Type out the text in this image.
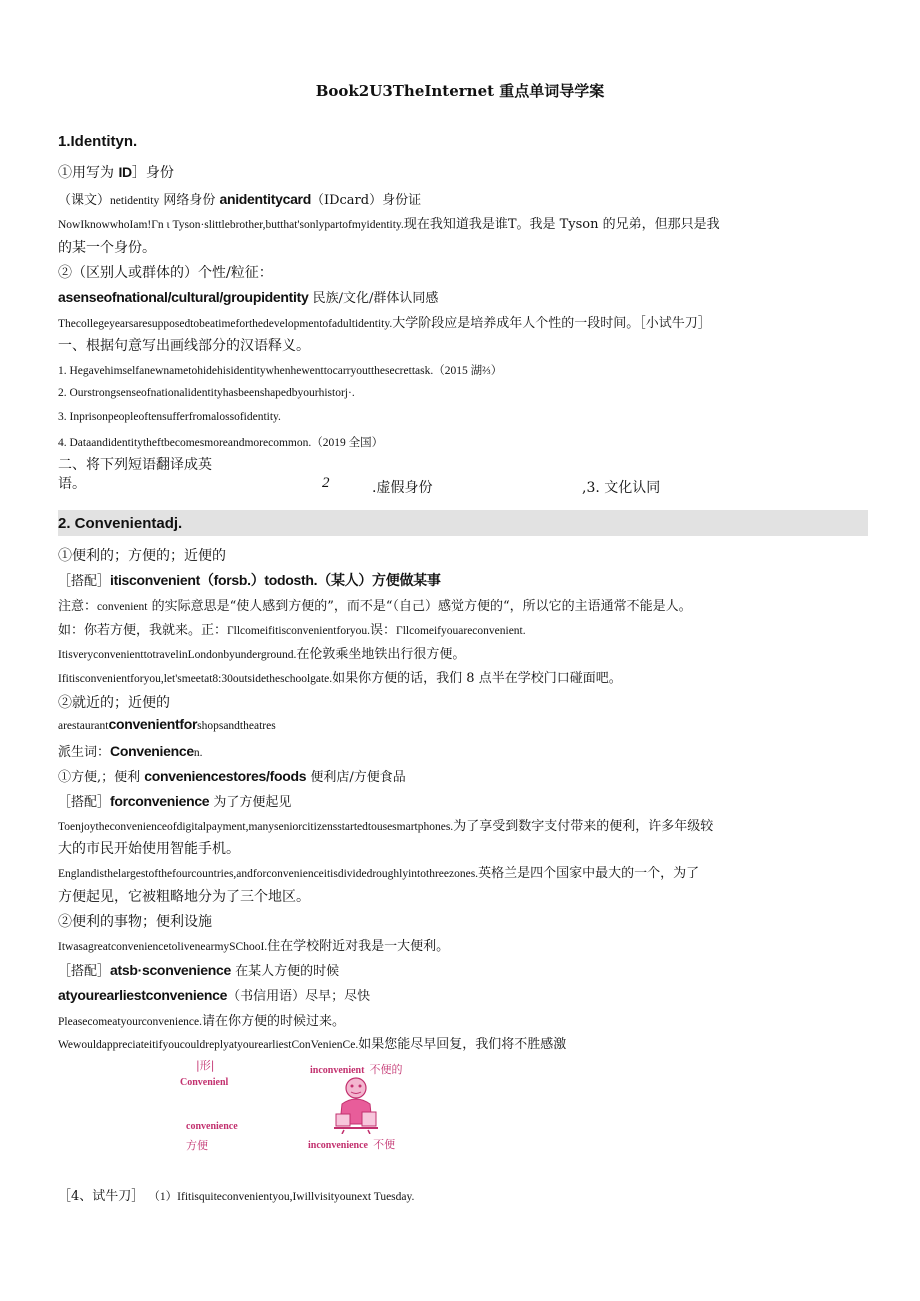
Book2U3TheInternet 重点单词导学案
1.Identityn.
①用写为 ID］身份
（课文）netidentity 网络身份 anidentitycard（IDcard）身份证
NowIknowwhoIam!Γn ι Tyson·slittlebrother,butthat'sonlypartofmyidentity.现在我知道我是谁T。我是 Tyson 的兄弟，但那只是我
的某一个身份。
②（区别人或群体的）个性/粒征：
asenseofnational/cultural/groupidentity 民族/文化/群体认同感
Thecollegeyearsaresupposedtobeatimeforthedevelopmentofadultidentity.大学阶段应是培养成年人个性的一段时间。［小试牛刀］
一、根据句意写出画线部分的汉语释义。
1. Hegavehimselfanewnametohidehisidentitywhenhewenttocarryoutthesecrettask.（2015 湖⅔）
2. Ourstrongsenseofnationalidentityhasbeenshapedbyourhistorj·.
3. Inprisonpeopleoftensufferfromalossofidentity.
4. Dataandidentitytheftbecomesmoreandmorecommon.（2019 全国）
二、将下列短语翻译成英
语。	2	.虚假身份	,3. 文化认同
2. Convenientadj.
①便利的；方便的；近便的
［搭配］itisconvenient（forsb.）todosth.（某人）方便做某事
注意：convenient 的实际意思是“使人感到方便的”，而不是“（自己）感觉方便的“，所以它的主语通常不能是人。
如：你若方便，我就来。正：Γllcomeifitisconvenientforyou.误：Γllcomeifyouareconvenient.
ItisveryconvenienttotravelinLondonbyunderground.在伦敦乘坐地铁出行很方便。
Ifitisconvenientforyou,let'smeetat8:30outsidetheschoolgate.如果你方便的话，我们 8 点半在学校门口碰面吧。
②就近的；近便的
arestaurantconvenientforshopsandtheatres
派生词：Conveniencen.
①方便,；便利 conveniencestores/foods 便利店/方便食品
［搭配］forconvenience 为了方便起见
Toenjoytheconvenienceofdigitalpayment,manyseniorcitizensstartedtousesmartphones.为了享受到数字支付带来的便利，许多年级较
大的市民开始使用智能手机。
Englandisthelargestofthefourcountries,andforconvenienceitisdividedroughlyintothreezones.英格兰是四个国家中最大的一个，为了
方便起见，它被粗略地分为了三个地区。
②便利的事物；便利设施
ItwasagreatconveniencetolivenearmySChooI.住在学校附近对我是一大便利。
［搭配］atsb·sconvenience 在某人方便的时候
atyourearliestconvenience（书信用语）尽早；尽快
Pleasecomeatyourconvenience.请在你方便的时候过来。
WewouldappreciateitifyoucouldreplyatyourearliestConVenienCe.如果您能尽早回复，我们将不胜感激
|形|
Convenienl
inconvenient 不便的
convenience
方便	inconvenience 不便
［4、试牛刀］ （1）Ifitisquiteconvenientyou,Iwillvisityounext Tuesday.
